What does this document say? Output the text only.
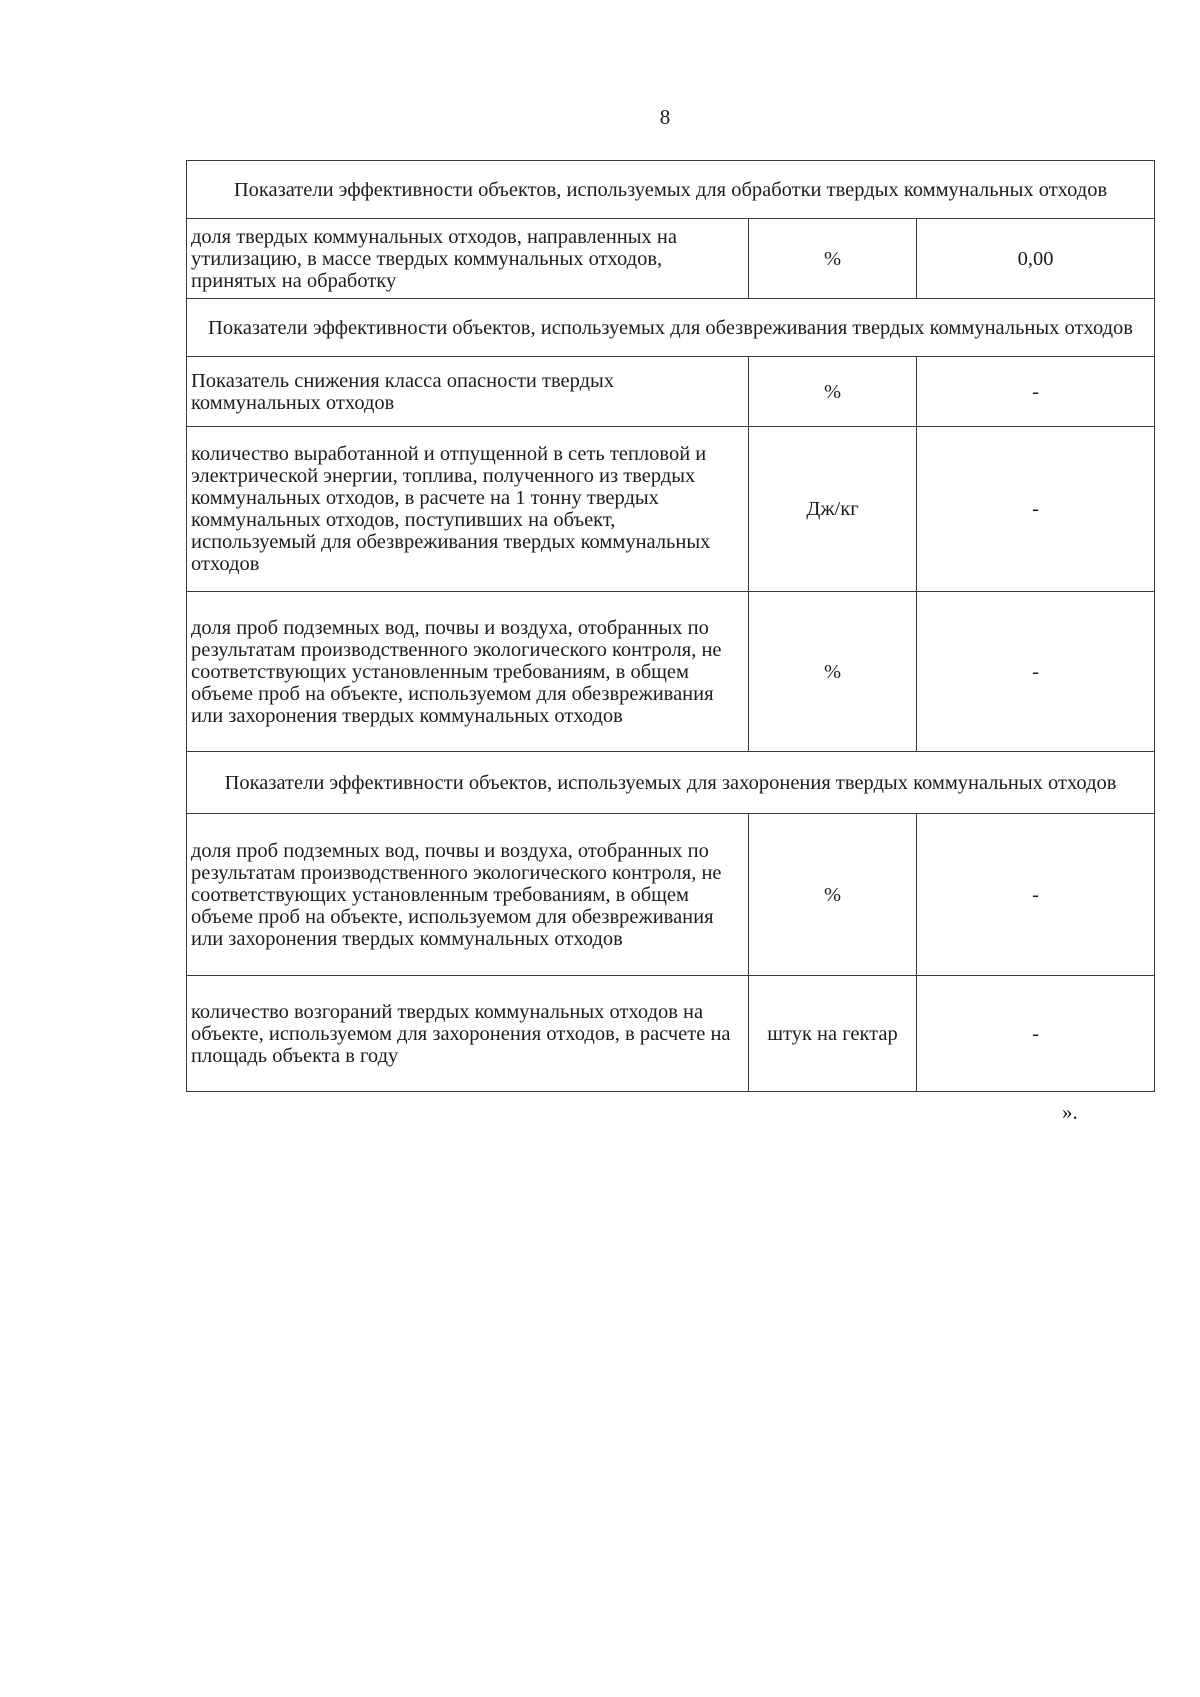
8
Показатели эффективности объектов, используемых для обработки твердых коммунальных отходов		
доля твердых коммунальных отходов, направленных на утилизацию, в массе твердых коммунальных отходов, принятых на обработку	%	0,00
Показатели эффективности объектов, используемых для обезвреживания твердых коммунальных отходов		
Показатель снижения класса опасности твердых коммунальных отходов	%	-
количество выработанной и отпущенной в сеть тепловой и электрической энергии, топлива, полученного из твердых коммунальных отходов, в расчете на 1 тонну твердых коммунальных отходов, поступивших на объект, используемый для обезвреживания твердых коммунальных отходов	Дж/кг	-
доля проб подземных вод, почвы и воздуха, отобранных по результатам производственного экологического контроля, не соответствующих установленным требованиям, в общем объеме проб на объекте, используемом для обезвреживания или захоронения твердых коммунальных отходов	%	-
Показатели эффективности объектов, используемых для захоронения твердых коммунальных отходов		
доля проб подземных вод, почвы и воздуха, отобранных по результатам производственного экологического контроля, не соответствующих установленным требованиям, в общем объеме проб на объекте, используемом для обезвреживания или захоронения твердых коммунальных отходов	%	-
количество возгораний твердых коммунальных отходов на объекте, используемом для захоронения отходов, в расчете на площадь объекта в году	штук на гектар	-
».
